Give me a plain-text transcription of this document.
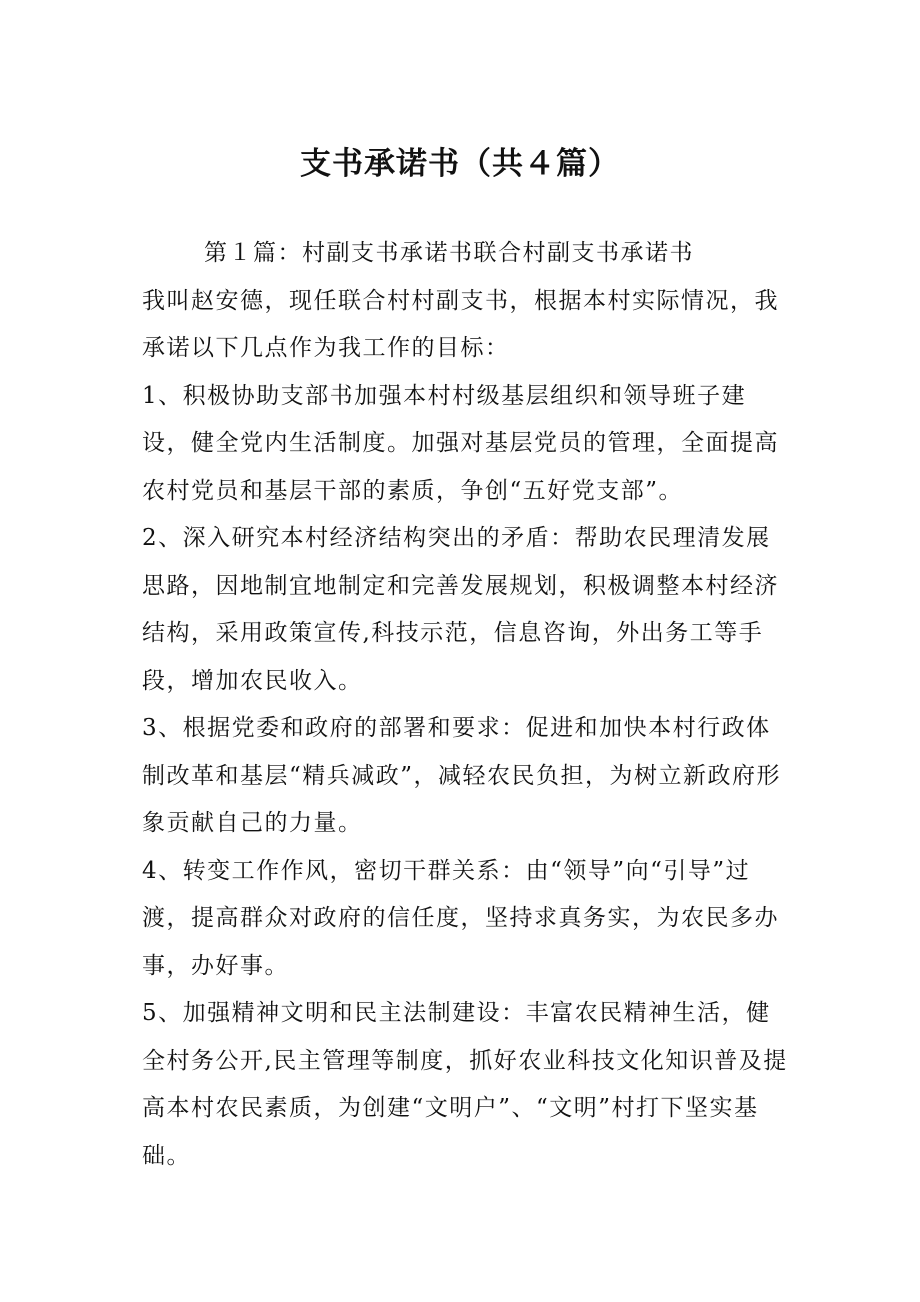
支书承诺书（共４篇）

第１篇：村副支书承诺书联合村副支书承诺书

我叫赵安德，现任联合村村副支书，根据本村实际情况，我承诺以下几点作为我工作的目标：

1、积极协助支部书加强本村村级基层组织和领导班子建设，健全党内生活制度。加强对基层党员的管理，全面提高农村党员和基层干部的素质，争创“五好党支部”。

2、深入研究本村经济结构突出的矛盾：帮助农民理清发展思路，因地制宜地制定和完善发展规划，积极调整本村经济结构，采用政策宣传,科技示范，信息咨询，外出务工等手段，增加农民收入。

3、根据党委和政府的部署和要求：促进和加快本村行政体制改革和基层“精兵减政”，减轻农民负担，为树立新政府形象贡献自己的力量。

4、转变工作作风，密切干群关系：由“领导”向“引导”过渡，提高群众对政府的信任度，坚持求真务实，为农民多办事，办好事。

5、加强精神文明和民主法制建设：丰富农民精神生活，健全村务公开,民主管理等制度，抓好农业科技文化知识普及提高本村农民素质，为创建“文明户”、“文明”村打下坚实基础。
